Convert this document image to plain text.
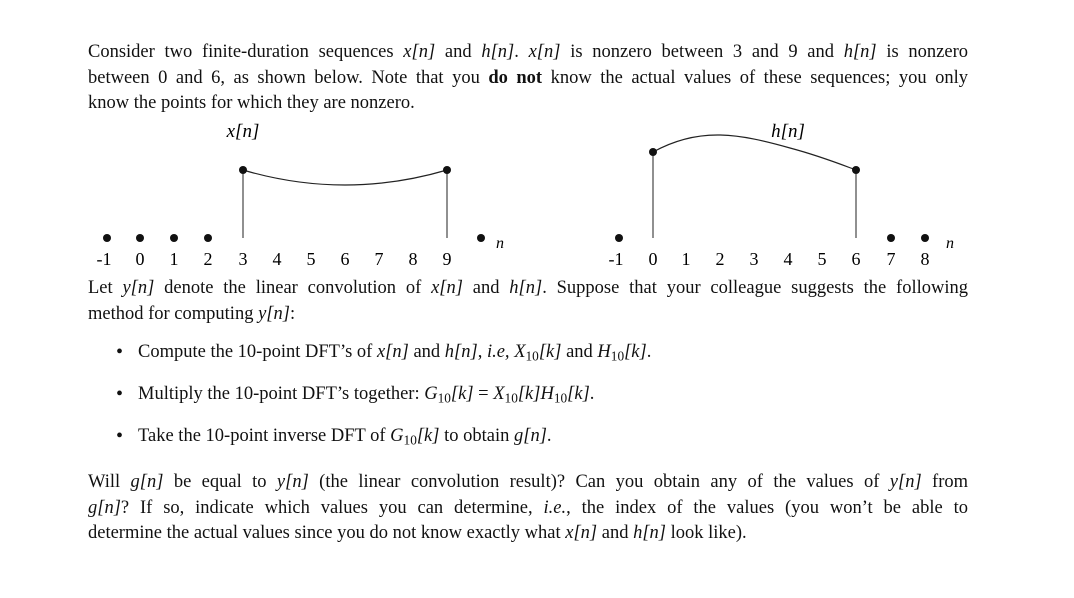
Consider two finite-duration sequences x[n] and h[n]. x[n] is nonzero between 3 and 9 and h[n] is nonzero
between 0 and 6, as shown below. Note that you do not know the actual values of these sequences; you only
know the points for which they are nonzero.
x[n]
n
-1 0 1 2 3 4 5 6 7 8 9
h[n]
n
-1 0 1 2 3 4 5 6 7 8
Let y[n] denote the linear convolution of x[n] and h[n]. Suppose that your colleague suggests the following
method for computing y[n]:
• Compute the 10-point DFT’s of x[n] and h[n], i.e, $X_{10}[k]$ and $H_{10}[k]$.
• Multiply the 10-point DFT’s together: $G_{10}[k] = X_{10}[k]H_{10}[k]$.
• Take the 10-point inverse DFT of $G_{10}[k]$ to obtain g[n].
Will g[n] be equal to y[n] (the linear convolution result)? Can you obtain any of the values of y[n] from
g[n]? If so, indicate which values you can determine, i.e., the index of the values (you won’t be able to
determine the actual values since you do not know exactly what x[n] and h[n] look like).
